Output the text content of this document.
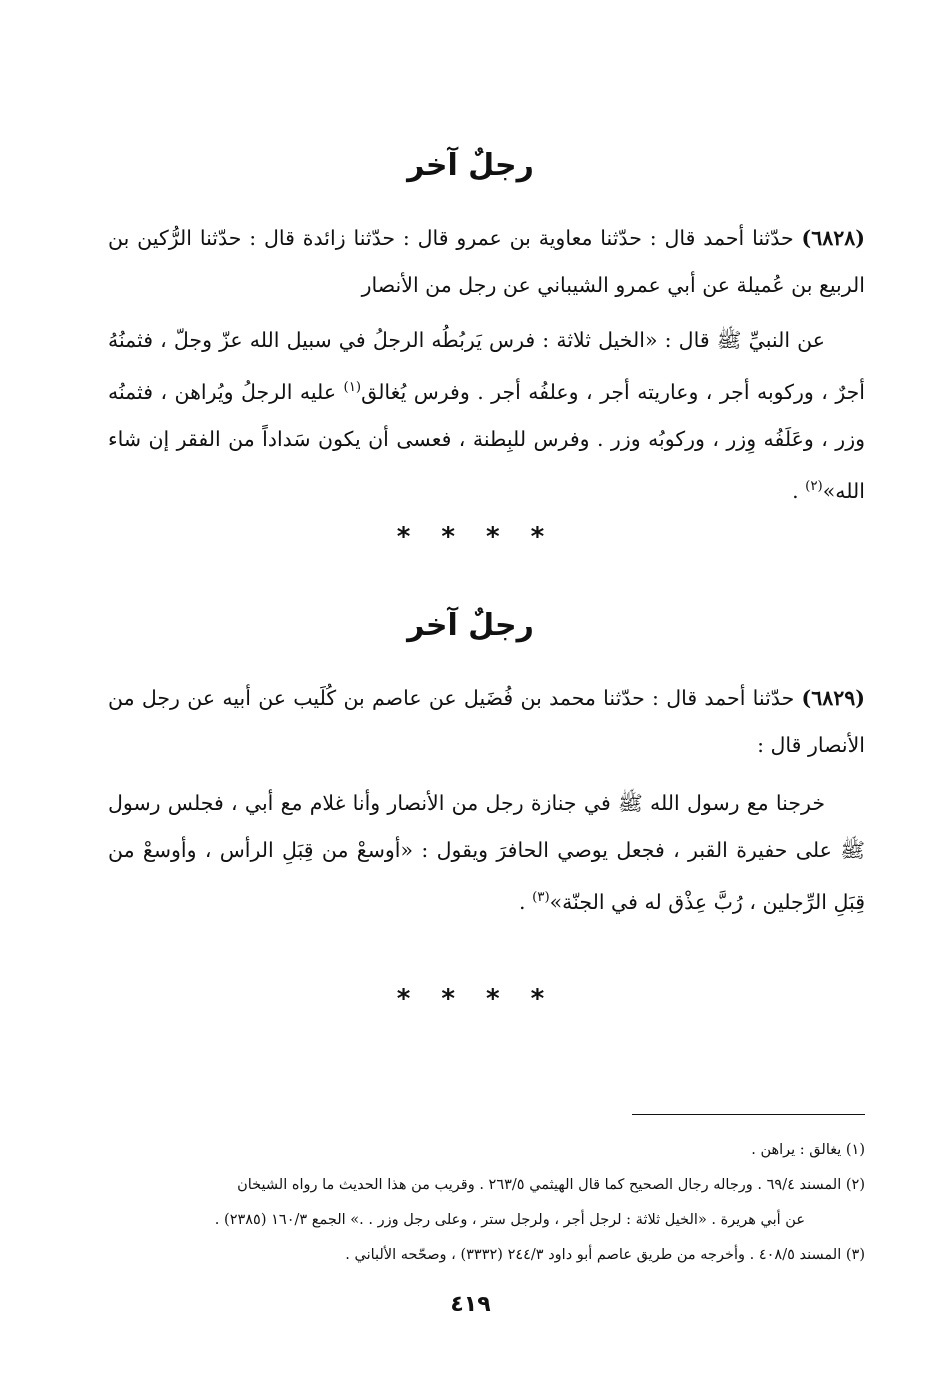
رجلٌ آخر
(٦٨٢٨) حدّثنا أحمد قال : حدّثنا معاوية بن عمرو قال : حدّثنا زائدة قال : حدّثنا الرُّكين بن الربيع بن عُميلة عن أبي عمرو الشيباني عن رجل من الأنصار
عن النبيِّ ﷺ قال : «الخيل ثلاثة : فرس يَربُطُه الرجلُ في سبيل الله عزّ وجلّ ، فثمنُهُ أجرٌ ، وركوبه أجر ، وعاريته أجر ، وعلفُه أجر . وفرس يُغالق$^{(١)}$ عليه الرجلُ ويُراهن ، فثمنُه وزر ، وعَلَفُه وِزر ، وركوبُه وزر . وفرس للبِطنة ، فعسى أن يكون سَداداً من الفقر إن شاء الله»$^{(٢)}$ .
* * * *
رجلٌ آخر
(٦٨٢٩) حدّثنا أحمد قال : حدّثنا محمد بن فُضَيل عن عاصم بن كُلَيب عن أبيه عن رجل من الأنصار قال :
خرجنا مع رسول الله ﷺ في جنازة رجل من الأنصار وأنا غلام مع أبي ، فجلس رسول ﷺ على حفيرة القبر ، فجعل يوصي الحافرَ ويقول : «أوسعْ من قِبَلِ الرأس ، وأوسعْ من قِبَلِ الرِّجلين ، رُبَّ عِذْق له في الجنّة»$^{(٣)}$ .
* * * *
(١) يغالق : يراهن .
(٢) المسند ٦٩/٤ . ورجاله رجال الصحيح كما قال الهيثمي ٢٦٣/٥ . وقريب من هذا الحديث ما رواه الشيخان
عن أبي هريرة . «الخيل ثلاثة : لرجل أجر ، ولرجل ستر ، وعلى رجل وزر . .» الجمع ١٦٠/٣ (٢٣٨٥) .
(٣) المسند ٤٠٨/٥ . وأخرجه من طريق عاصم أبو داود ٢٤٤/٣ (٣٣٣٢) ، وصحّحه الألباني .
٤١٩
